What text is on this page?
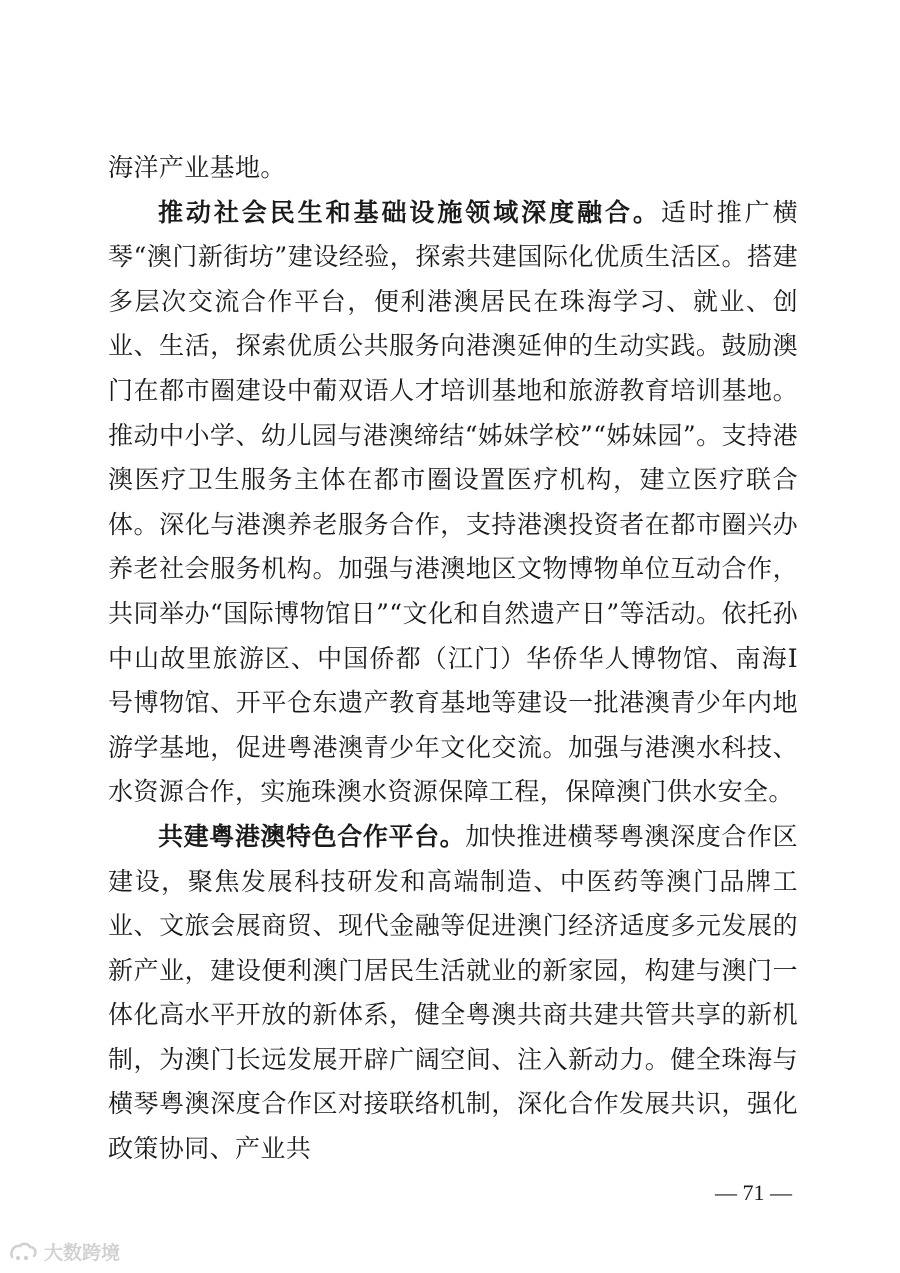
海洋产业基地。

推动社会民生和基础设施领域深度融合。适时推广横琴“澳门新街坊”建设经验，探索共建国际化优质生活区。搭建多层次交流合作平台，便利港澳居民在珠海学习、就业、创业、生活，探索优质公共服务向港澳延伸的生动实践。鼓励澳门在都市圈建设中葡双语人才培训基地和旅游教育培训基地。推动中小学、幼儿园与港澳缔结“姊妹学校”“姊妹园”。支持港澳医疗卫生服务主体在都市圈设置医疗机构，建立医疗联合体。深化与港澳养老服务合作，支持港澳投资者在都市圈兴办养老社会服务机构。加强与港澳地区文物博物单位互动合作，共同举办“国际博物馆日”“文化和自然遗产日”等活动。依托孙中山故里旅游区、中国侨都（江门）华侨华人博物馆、南海Ⅰ号博物馆、开平仓东遗产教育基地等建设一批港澳青少年内地游学基地，促进粤港澳青少年文化交流。加强与港澳水科技、水资源合作，实施珠澳水资源保障工程，保障澳门供水安全。

共建粤港澳特色合作平台。加快推进横琴粤澳深度合作区建设，聚焦发展科技研发和高端制造、中医药等澳门品牌工业、文旅会展商贸、现代金融等促进澳门经济适度多元发展的新产业，建设便利澳门居民生活就业的新家园，构建与澳门一体化高水平开放的新体系，健全粤澳共商共建共管共享的新机制，为澳门长远发展开辟广阔空间、注入新动力。健全珠海与横琴粤澳深度合作区对接联络机制，深化合作发展共识，强化政策协同、产业共

— 71 —
大数跨境
